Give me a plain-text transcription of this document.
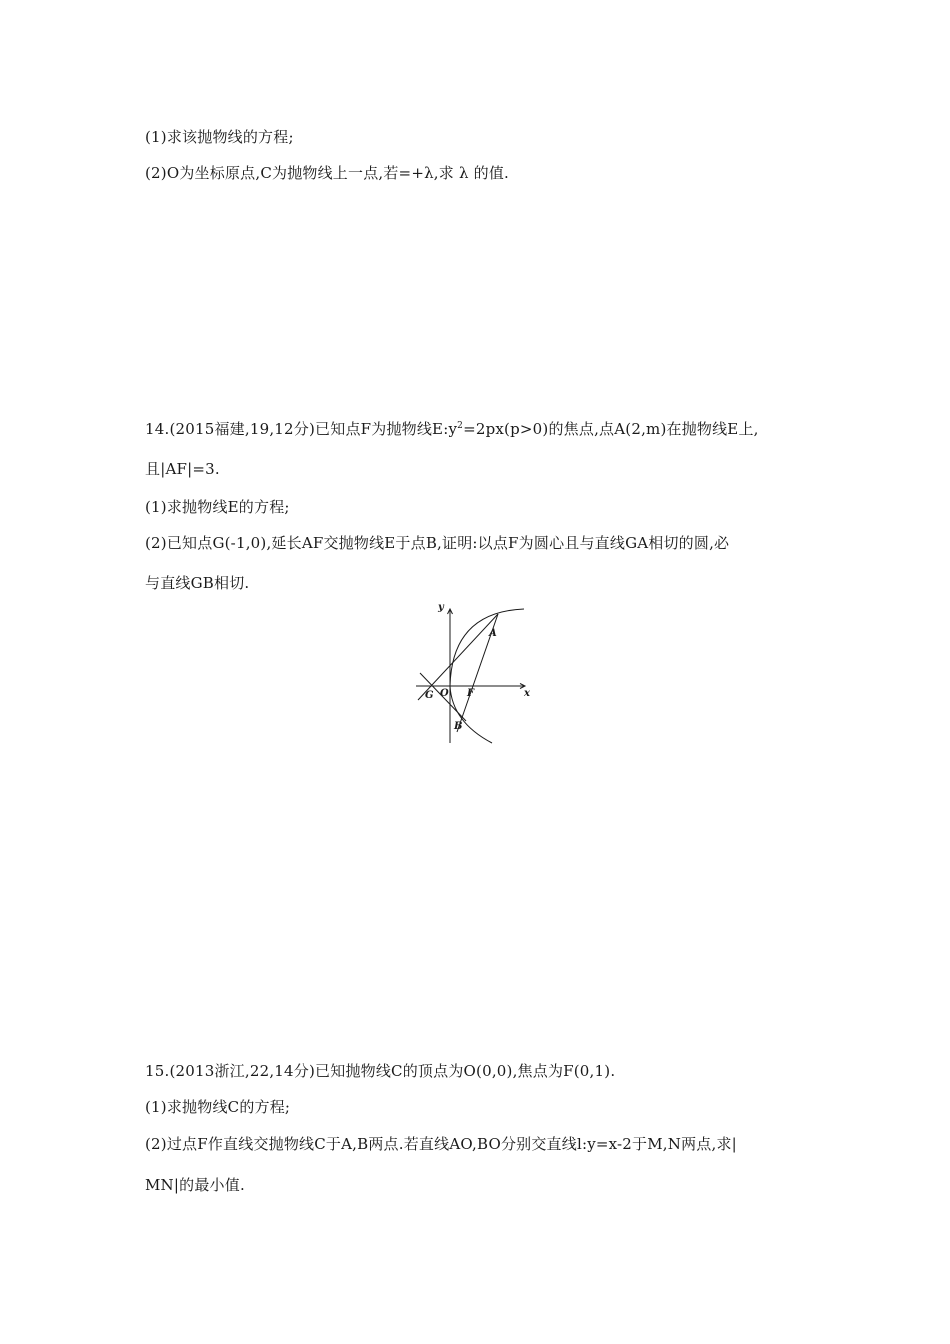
(1)求该抛物线的方程;

(2)O为坐标原点,C为抛物线上一点,若=+λ,求 λ 的值.

14.(2015福建,19,12分)已知点F为抛物线$E:y^2=2px(p>0)$的焦点,点A(2,m)在抛物线E上,

且|AF|=3.

(1)求抛物线E的方程;

(2)已知点G(-1,0),延长AF交抛物线E于点B,证明:以点F为圆心且与直线GA相切的圆,必

与直线GB相切.

y
x
A
B
O F
G

15.(2013浙江,22,14分)已知抛物线C的顶点为O(0,0),焦点为F(0,1).

(1)求抛物线C的方程;

(2)过点F作直线交抛物线C于A,B两点.若直线AO,BO分别交直线l:y=x-2于M,N两点,求|

MN|的最小值.
